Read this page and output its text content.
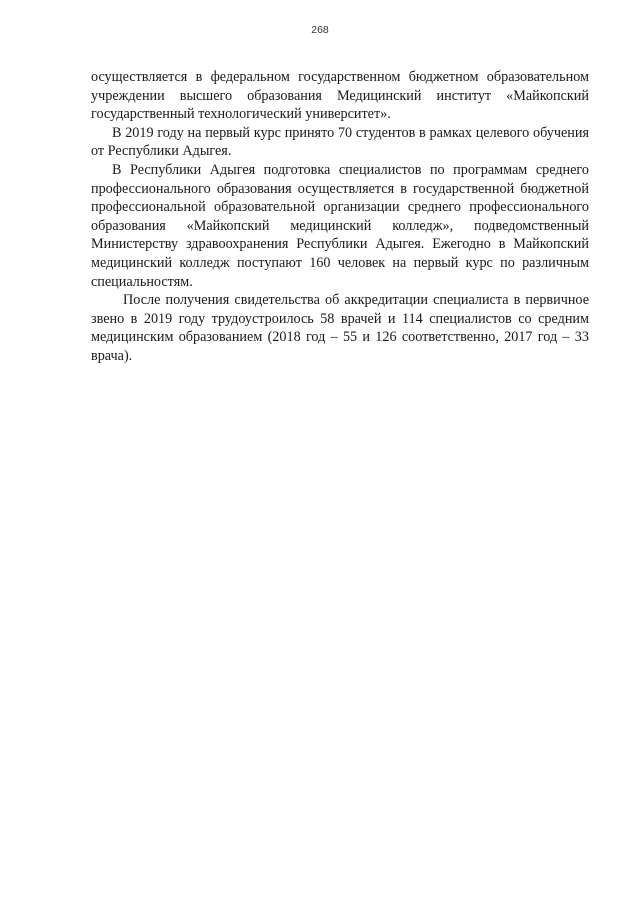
268

осуществляется в федеральном государственном бюджетном образовательном учреждении высшего образования Медицинский институт «Майкопский государственный технологический университет».

В 2019 году на первый курс принято 70 студентов в рамках целевого обучения от Республики Адыгея.

В Республики Адыгея подготовка специалистов по программам среднего профессионального образования осуществляется в государственной бюджетной профессиональной образовательной организации среднего профессионального образования «Майкопский медицинский колледж», подведомственный Министерству здравоохранения Республики Адыгея. Ежегодно в Майкопский медицинский колледж поступают 160 человек на первый курс по различным специальностям.

После получения свидетельства об аккредитации специалиста в первичное звено в 2019 году трудоустроилось 58 врачей и 114 специалистов со средним медицинским образованием (2018 год – 55 и 126 соответственно, 2017 год – 33 врача).
